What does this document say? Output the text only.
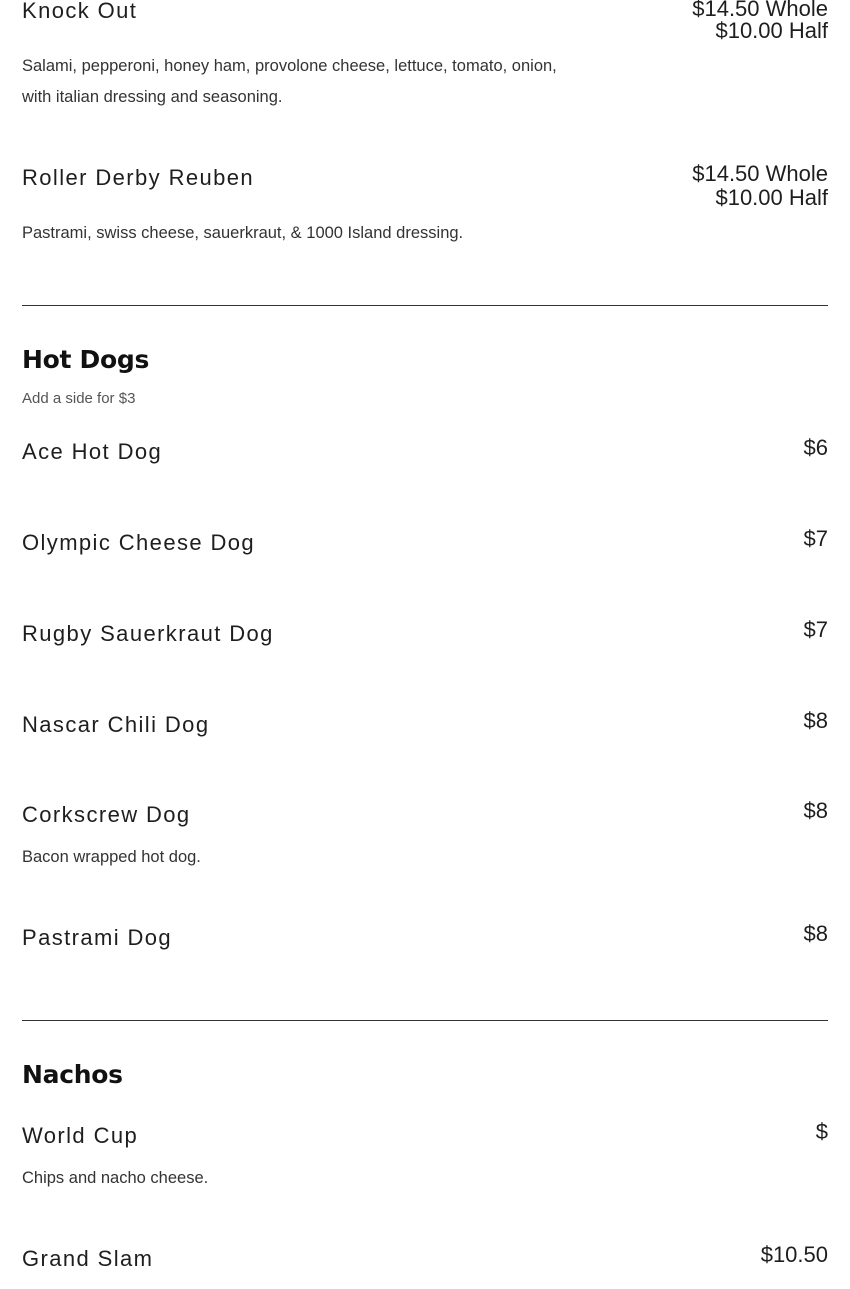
Knock Out	$14.50 Whole
$10.00 Half
Salami, pepperoni, honey ham, provolone cheese, lettuce, tomato, onion,
with italian dressing and seasoning.
Roller Derby Reuben	$14.50 Whole
$10.00 Half
Pastrami, swiss cheese, sauerkraut, & 1000 Island dressing.
Hot Dogs
Add a side for $3
Ace Hot Dog	$6
Olympic Cheese Dog	$7
Rugby Sauerkraut Dog	$7
Nascar Chili Dog	$8
Corkscrew Dog	$8
Bacon wrapped hot dog.
Pastrami Dog	$8
Nachos
World Cup	$
Chips and nacho cheese.
Grand Slam	$10.50
